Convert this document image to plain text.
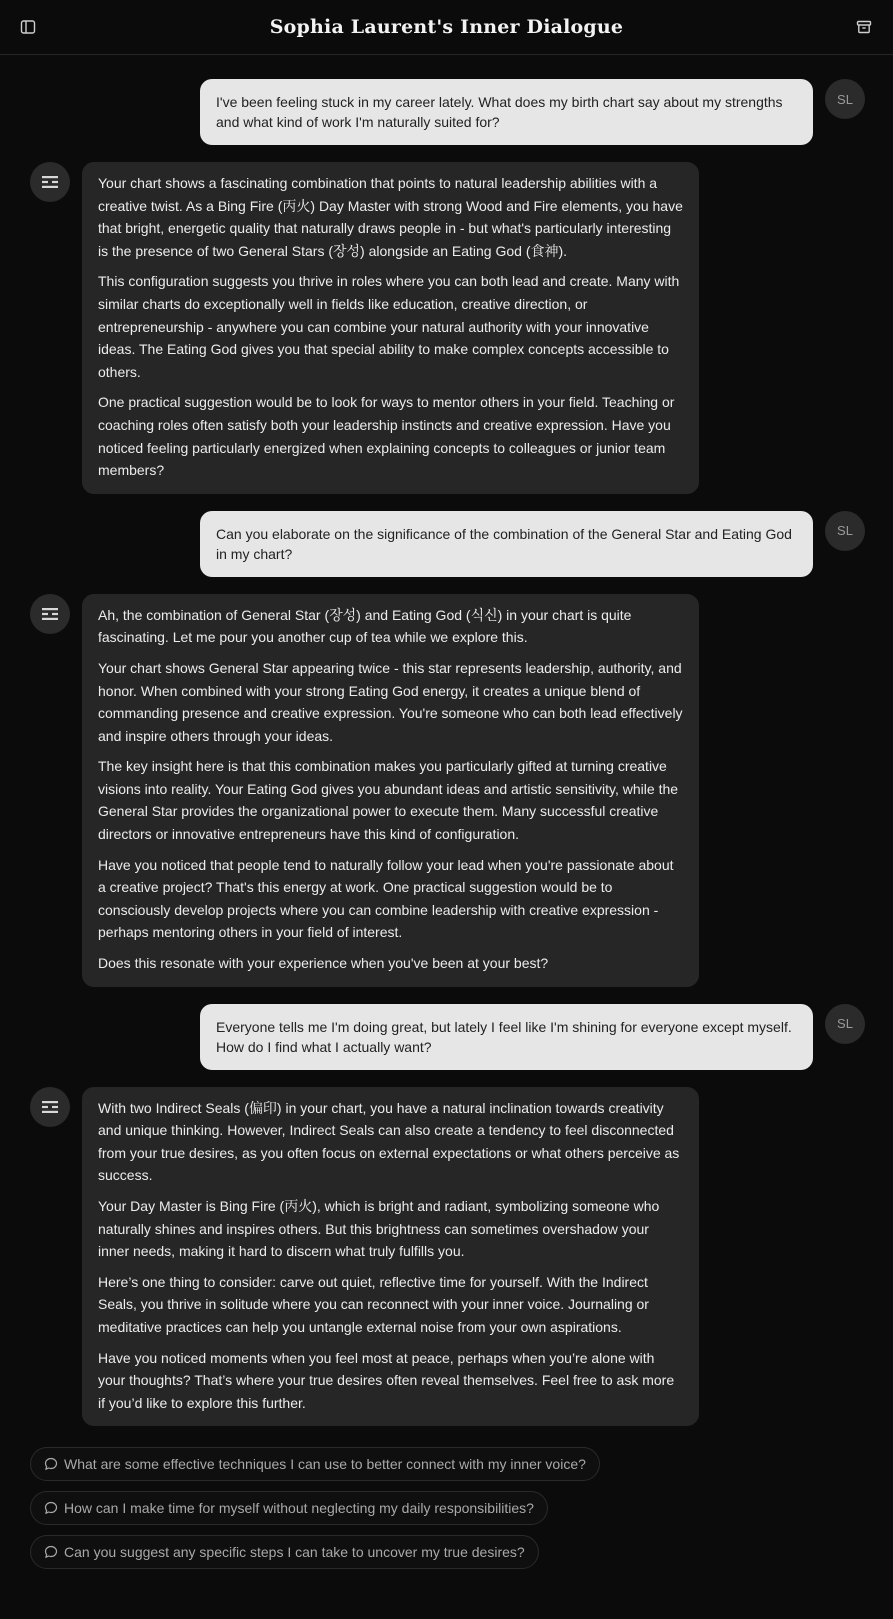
Sophia Laurent's Inner Dialogue
I've been feeling stuck in my career lately. What does my birth chart say about my strengths and what kind of work I'm naturally suited for?
SL

Your chart shows a fascinating combination that points to natural leadership abilities with a creative twist. As a Bing Fire (丙火) Day Master with strong Wood and Fire elements, you have that bright, energetic quality that naturally draws people in - but what's particularly interesting is the presence of two General Stars (장성) alongside an Eating God (食神).

This configuration suggests you thrive in roles where you can both lead and create. Many with similar charts do exceptionally well in fields like education, creative direction, or entrepreneurship - anywhere you can combine your natural authority with your innovative ideas. The Eating God gives you that special ability to make complex concepts accessible to others.

One practical suggestion would be to look for ways to mentor others in your field. Teaching or coaching roles often satisfy both your leadership instincts and creative expression. Have you noticed feeling particularly energized when explaining concepts to colleagues or junior team members?

Can you elaborate on the significance of the combination of the General Star and Eating God in my chart?
SL

Ah, the combination of General Star (장성) and Eating God (식신) in your chart is quite fascinating. Let me pour you another cup of tea while we explore this.

Your chart shows General Star appearing twice - this star represents leadership, authority, and honor. When combined with your strong Eating God energy, it creates a unique blend of commanding presence and creative expression. You're someone who can both lead effectively and inspire others through your ideas.

The key insight here is that this combination makes you particularly gifted at turning creative visions into reality. Your Eating God gives you abundant ideas and artistic sensitivity, while the General Star provides the organizational power to execute them. Many successful creative directors or innovative entrepreneurs have this kind of configuration.

Have you noticed that people tend to naturally follow your lead when you're passionate about a creative project? That's this energy at work. One practical suggestion would be to consciously develop projects where you can combine leadership with creative expression - perhaps mentoring others in your field of interest.

Does this resonate with your experience when you've been at your best?

Everyone tells me I'm doing great, but lately I feel like I'm shining for everyone except myself. How do I find what I actually want?
SL

With two Indirect Seals (偏印) in your chart, you have a natural inclination towards creativity and unique thinking. However, Indirect Seals can also create a tendency to feel disconnected from your true desires, as you often focus on external expectations or what others perceive as success.

Your Day Master is Bing Fire (丙火), which is bright and radiant, symbolizing someone who naturally shines and inspires others. But this brightness can sometimes overshadow your inner needs, making it hard to discern what truly fulfills you.

Here’s one thing to consider: carve out quiet, reflective time for yourself. With the Indirect Seals, you thrive in solitude where you can reconnect with your inner voice. Journaling or meditative practices can help you untangle external noise from your own aspirations.

Have you noticed moments when you feel most at peace, perhaps when you’re alone with your thoughts? That’s where your true desires often reveal themselves. Feel free to ask more if you’d like to explore this further.

What are some effective techniques I can use to better connect with my inner voice?
How can I make time for myself without neglecting my daily responsibilities?
Can you suggest any specific steps I can take to uncover my true desires?
